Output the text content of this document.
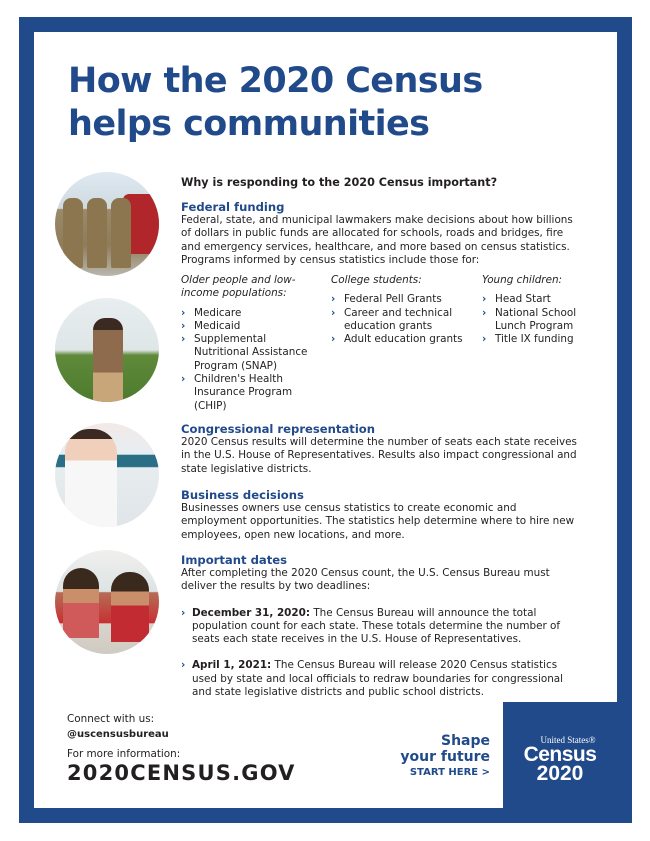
How the 2020 Census
helps communities

Why is responding to the 2020 Census important?

Federal funding

Federal, state, and municipal lawmakers make decisions about how billions of dollars in public funds are allocated for schools, roads and bridges, fire and emergency services, healthcare, and more based on census statistics. Programs informed by census statistics include those for:

Older people and low-income populations:

› Medicare
› Medicaid
› Supplemental Nutritional Assistance Program (SNAP)
› Children's Health Insurance Program (CHIP)

College students:

› Federal Pell Grants
› Career and technical education grants
› Adult education grants

Young children:

› Head Start
› National School Lunch Program
› Title IX funding
Congressional representation

2020 Census results will determine the number of seats each state receives in the U.S. House of Representatives. Results also impact congressional and state legislative districts.

Business decisions

Businesses owners use census statistics to create economic and employment opportunities. The statistics help determine where to hire new employees, open new locations, and more.

Important dates

After completing the 2020 Census count, the U.S. Census Bureau must deliver the results by two deadlines:

› December 31, 2020: The Census Bureau will announce the total population count for each state. These totals determine the number of seats each state receives in the U.S. House of Representatives.
› April 1, 2021: The Census Bureau will release 2020 Census statistics used by state and local officials to redraw boundaries for congressional and state legislative districts and public school districts.
Connect with us:
@uscensusbureau
For more information:
2020CENSUS.GOV
Shape
your future
START HERE >
United States®
Census
2020
